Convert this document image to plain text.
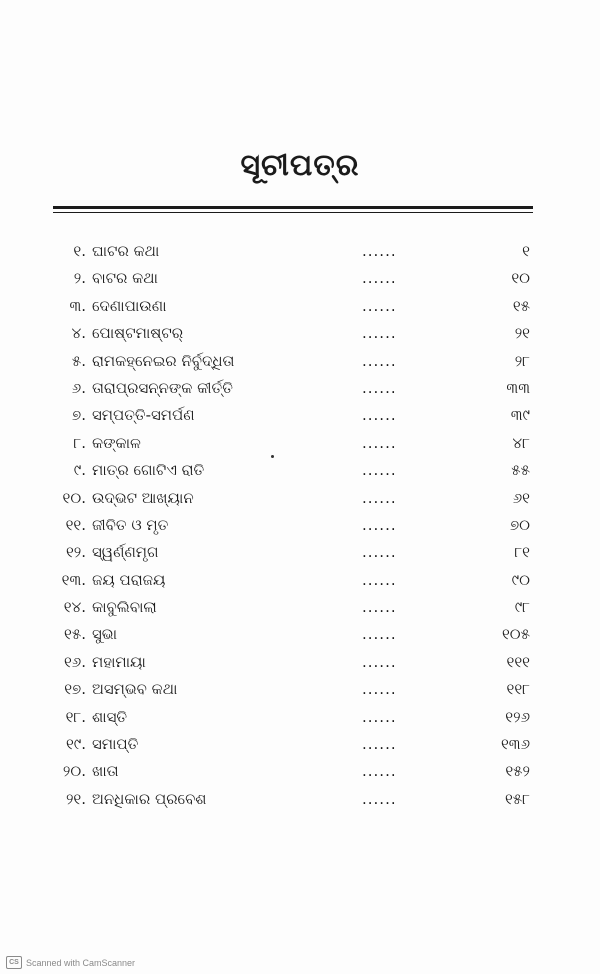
ସୂଚୀପତ୍ର
୧. ଘାଟର କଥା	......	୧
୨. ବାଟର କଥା	......	୧୦
୩. ଦେଣାପାଉଣା	......	୧୫
୪. ପୋଷ୍ଟମାଷ୍ଟର୍	......	୨୧
୫. ରାମକହ୍ନେଇର ନିର୍ବୁଦ୍ଧିତା	......	୨୮
୬. ତାରାପ୍ରସନ୍ନଙ୍କ କୀର୍ତ୍ତି	......	୩୩
୭. ସମ୍ପତ୍ତି-ସମର୍ପଣ	......	୩୯
୮. କଙ୍କାଳ	......	୪୮
୯. ମାତ୍ର ଗୋଟିଏ ରାତି	......	୫୫
୧୦. ଉଦ୍‌ଭଟ ଆଖ୍ୟାନ	......	୬୧
୧୧. ଜୀବିତ ଓ ମୃତ	......	୭୦
୧୨. ସ୍ୱର୍ଣ୍ଣମୃଗ	......	୮୧
୧୩. ଜୟ ପରାଜୟ	......	୯୦
୧୪. କାବୁଲିବାଲା	......	୯୮
୧୫. ସୁଭା	......	୧୦୫
୧୬. ମହାମାୟା	......	୧୧୧
୧୭. ଅସମ୍ଭବ କଥା	......	୧୧୮
୧୮. ଶାସ୍ତି	......	୧୨୬
୧୯. ସମାପ୍ତି	......	୧୩୬
୨୦. ଖାତା	......	୧୫୨
୨୧. ଅନଧିକାର ପ୍ରବେଶ	......	୧୫୮
CS Scanned with CamScanner
